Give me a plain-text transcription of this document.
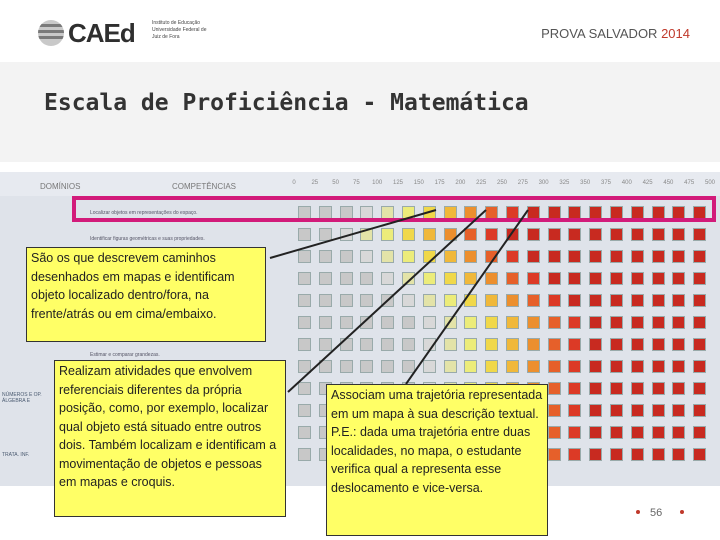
CAEd	Instituto de Educação Universidade Federal de Juiz de Fora	PROVA SALVADOR 2014
Escala de Proficiência - Matemática
DOMÍNIOS	COMPETÊNCIAS
Localizar objetos em representações do espaço.
Identificar figuras geométricas e suas propriedades.
Estimar e comparar grandezas.
NÚMEROS E OP. ÁLGEBRA E
TRATA. INF.
0	25	50	75	100	125	150	175	200	225	250	275	300	325	350	375	400	425	450	475	500
São os que descrevem caminhos desenhados em mapas e identificam objeto localizado dentro/fora, na frente/atrás ou em cima/embaixo.
Realizam atividades que envolvem referenciais diferentes da própria posição, como, por exemplo, localizar qual objeto está situado entre outros dois. Também localizam e identificam a movimentação de objetos e pessoas em mapas e croquis.
Associam uma trajetória representada em um mapa à sua descrição textual. P.E.: dada uma trajetória entre duas localidades, no mapa, o estudante verifica qual a representa esse deslocamento e vice-versa.
56
